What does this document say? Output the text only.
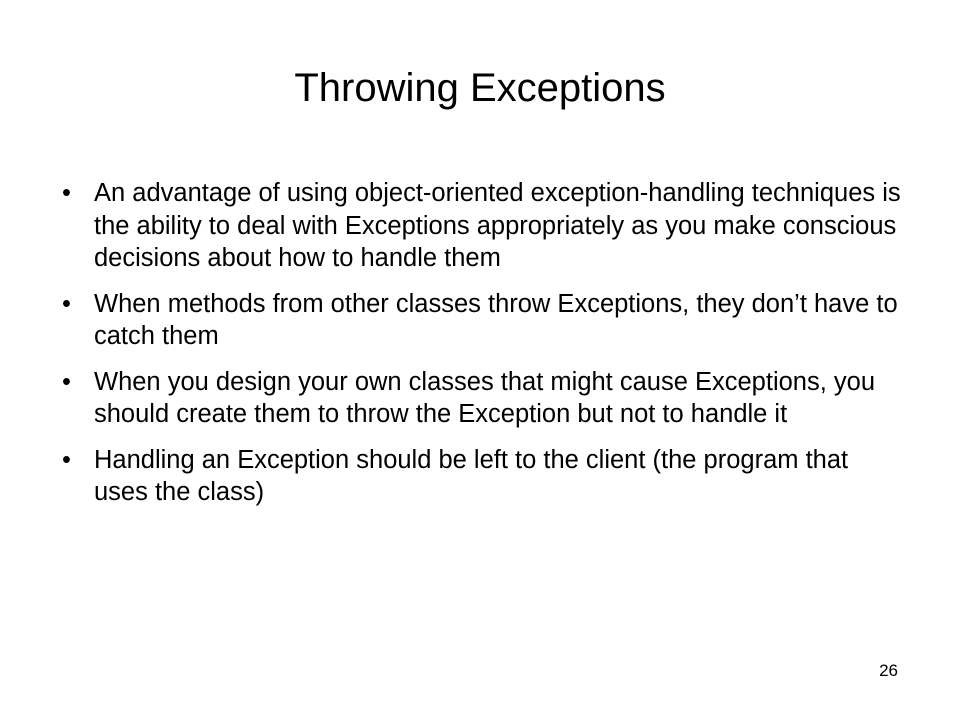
Throwing Exceptions
• An advantage of using object-oriented exception-handling techniques is the ability to deal with Exceptions appropriately as you make conscious decisions about how to handle them
• When methods from other classes throw Exceptions, they don’t have to catch them
• When you design your own classes that might cause Exceptions, you should create them to throw the Exception but not to handle it
• Handling an Exception should be left to the client (the program that uses the class)
26
